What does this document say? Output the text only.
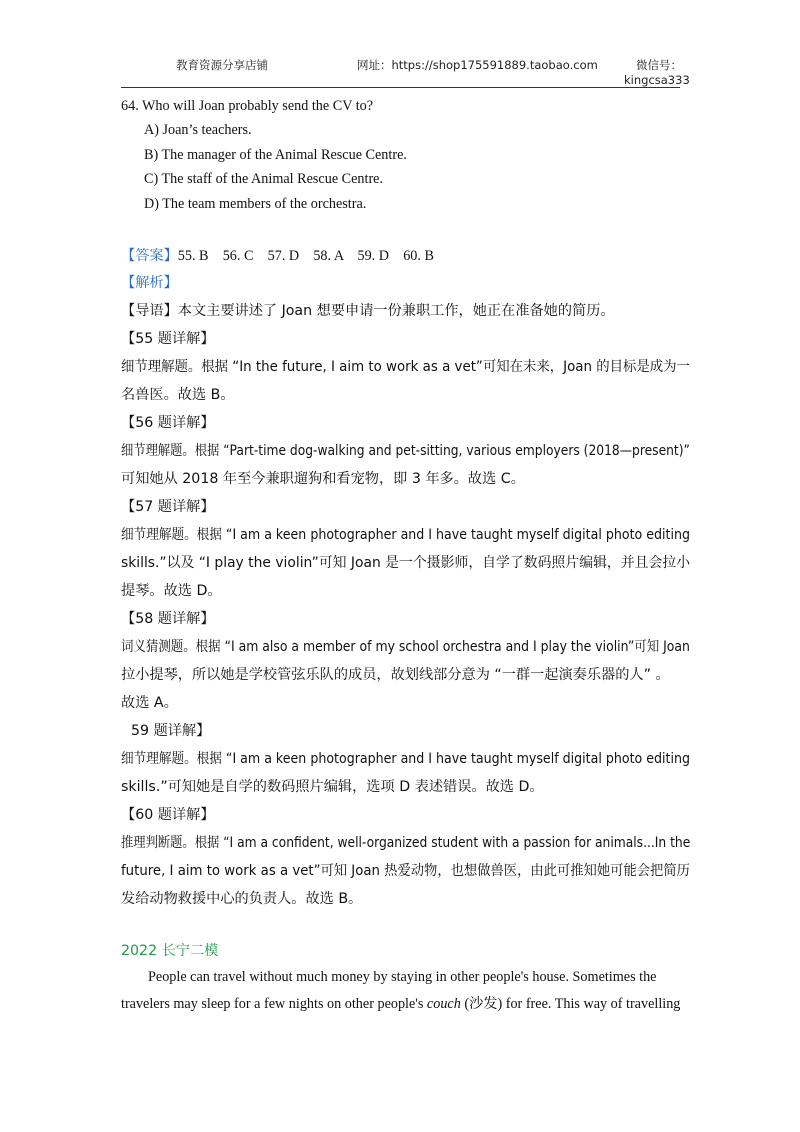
教育资源分享店铺	网址：https://shop175591889.taobao.com	微信号：
kingcsa333
64. Who will Joan probably send the CV to?
A) Joan’s teachers.
B) The manager of the Animal Rescue Centre.
C) The staff of the Animal Rescue Centre.
D) The team members of the orchestra.
【答案】55. B    56. C    57. D    58. A    59. D    60. B
【解析】
【导语】本文主要讲述了 Joan 想要申请一份兼职工作，她正在准备她的简历。
【55 题详解】
细节理解题。根据 “In the future, I aim to work as a vet”可知在未来，Joan 的目标是成为一
名兽医。故选 B。
【56 题详解】
细节理解题。根据 “Part-time dog-walking and pet-sitting, various employers (2018—present)”
可知她从 2018 年至今兼职遛狗和看宠物，即 3 年多。故选 C。
【57 题详解】
细节理解题。根据 “I am a keen photographer and I have taught myself digital photo editing
skills.”以及 “I play the violin”可知 Joan 是一个摄影师，自学了数码照片编辑，并且会拉小
提琴。故选 D。
【58 题详解】
词义猜测题。根据 “I am also a member of my school orchestra and I play the violin”可知 Joan
拉小提琴，所以她是学校管弦乐队的成员，故划线部分意为 “一群一起演奏乐器的人” 。
故选 A。
59 题详解】
细节理解题。根据 “I am a keen photographer and I have taught myself digital photo editing
skills.”可知她是自学的数码照片编辑，选项 D 表述错误。故选 D。
【60 题详解】
推理判断题。根据 “I am a confident, well-organized student with a passion for animals...In the
future, I aim to work as a vet”可知 Joan 热爱动物，也想做兽医，由此可推知她可能会把简历
发给动物救援中心的负责人。故选 B。
2022 长宁二模
People can travel without much money by staying in other people's house. Sometimes the
travelers may sleep for a few nights on other people's couch (沙发) for free. This way of travelling
